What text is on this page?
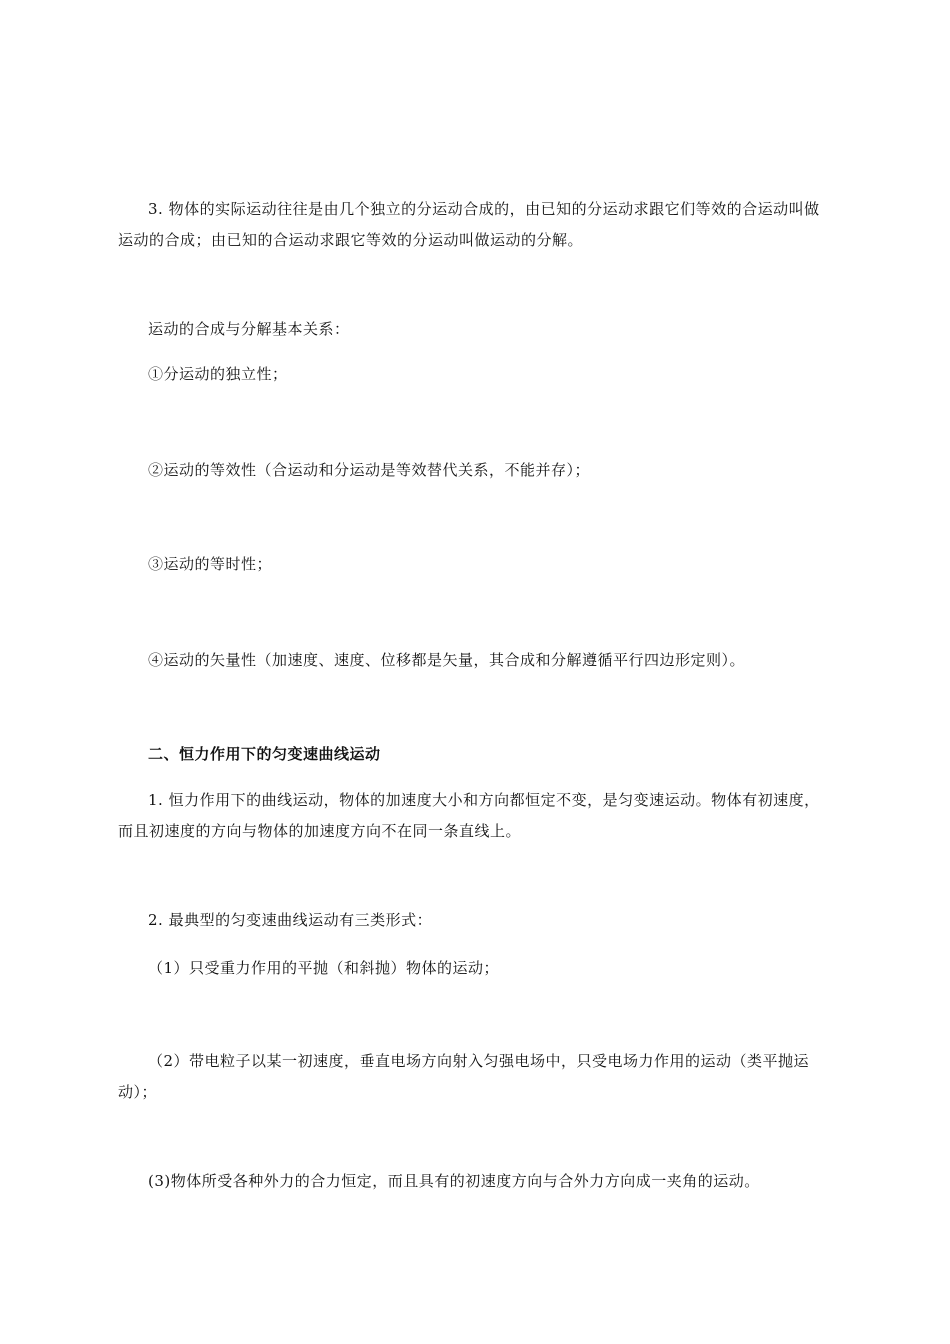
3. 物体的实际运动往往是由几个独立的分运动合成的，由已知的分运动求跟它们等效的合运动叫做运动的合成；由已知的合运动求跟它等效的分运动叫做运动的分解。

运动的合成与分解基本关系：

①分运动的独立性；

②运动的等效性（合运动和分运动是等效替代关系，不能并存）；

③运动的等时性；

④运动的矢量性（加速度、速度、位移都是矢量，其合成和分解遵循平行四边形定则）。

二、恒力作用下的匀变速曲线运动

1. 恒力作用下的曲线运动，物体的加速度大小和方向都恒定不变，是匀变速运动。物体有初速度，而且初速度的方向与物体的加速度方向不在同一条直线上。

2. 最典型的匀变速曲线运动有三类形式：

（1）只受重力作用的平抛（和斜抛）物体的运动；

（2）带电粒子以某一初速度，垂直电场方向射入匀强电场中，只受电场力作用的运动（类平抛运动）；

(3)物体所受各种外力的合力恒定，而且具有的初速度方向与合外力方向成一夹角的运动。
